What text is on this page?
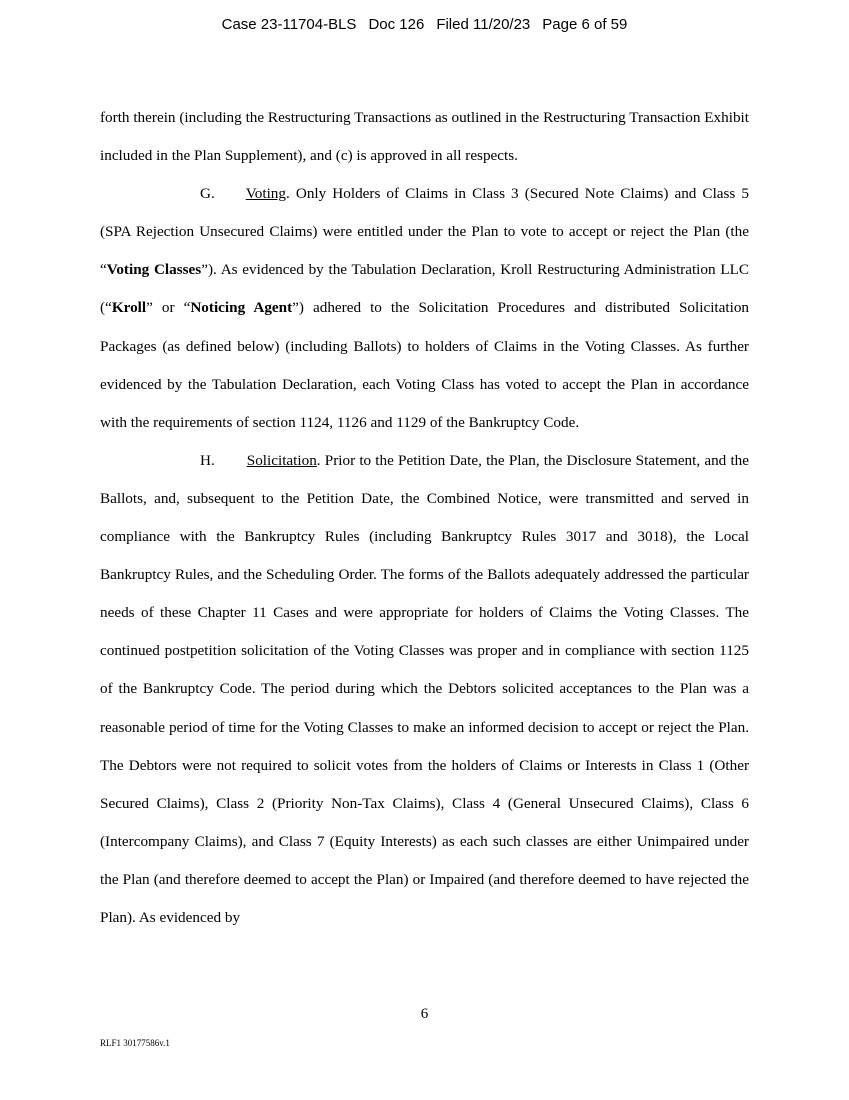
Case 23-11704-BLS Doc 126 Filed 11/20/23 Page 6 of 59

forth therein (including the Restructuring Transactions as outlined in the Restructuring Transaction Exhibit included in the Plan Supplement), and (c) is approved in all respects.

G. Voting. Only Holders of Claims in Class 3 (Secured Note Claims) and Class 5 (SPA Rejection Unsecured Claims) were entitled under the Plan to vote to accept or reject the Plan (the “Voting Classes”). As evidenced by the Tabulation Declaration, Kroll Restructuring Administration LLC (“Kroll” or “Noticing Agent”) adhered to the Solicitation Procedures and distributed Solicitation Packages (as defined below) (including Ballots) to holders of Claims in the Voting Classes. As further evidenced by the Tabulation Declaration, each Voting Class has voted to accept the Plan in accordance with the requirements of section 1124, 1126 and 1129 of the Bankruptcy Code.

H. Solicitation. Prior to the Petition Date, the Plan, the Disclosure Statement, and the Ballots, and, subsequent to the Petition Date, the Combined Notice, were transmitted and served in compliance with the Bankruptcy Rules (including Bankruptcy Rules 3017 and 3018), the Local Bankruptcy Rules, and the Scheduling Order. The forms of the Ballots adequately addressed the particular needs of these Chapter 11 Cases and were appropriate for holders of Claims the Voting Classes. The continued postpetition solicitation of the Voting Classes was proper and in compliance with section 1125 of the Bankruptcy Code. The period during which the Debtors solicited acceptances to the Plan was a reasonable period of time for the Voting Classes to make an informed decision to accept or reject the Plan. The Debtors were not required to solicit votes from the holders of Claims or Interests in Class 1 (Other Secured Claims), Class 2 (Priority Non-Tax Claims), Class 4 (General Unsecured Claims), Class 6 (Intercompany Claims), and Class 7 (Equity Interests) as each such classes are either Unimpaired under the Plan (and therefore deemed to accept the Plan) or Impaired (and therefore deemed to have rejected the Plan). As evidenced by

6
RLF1 30177586v.1
